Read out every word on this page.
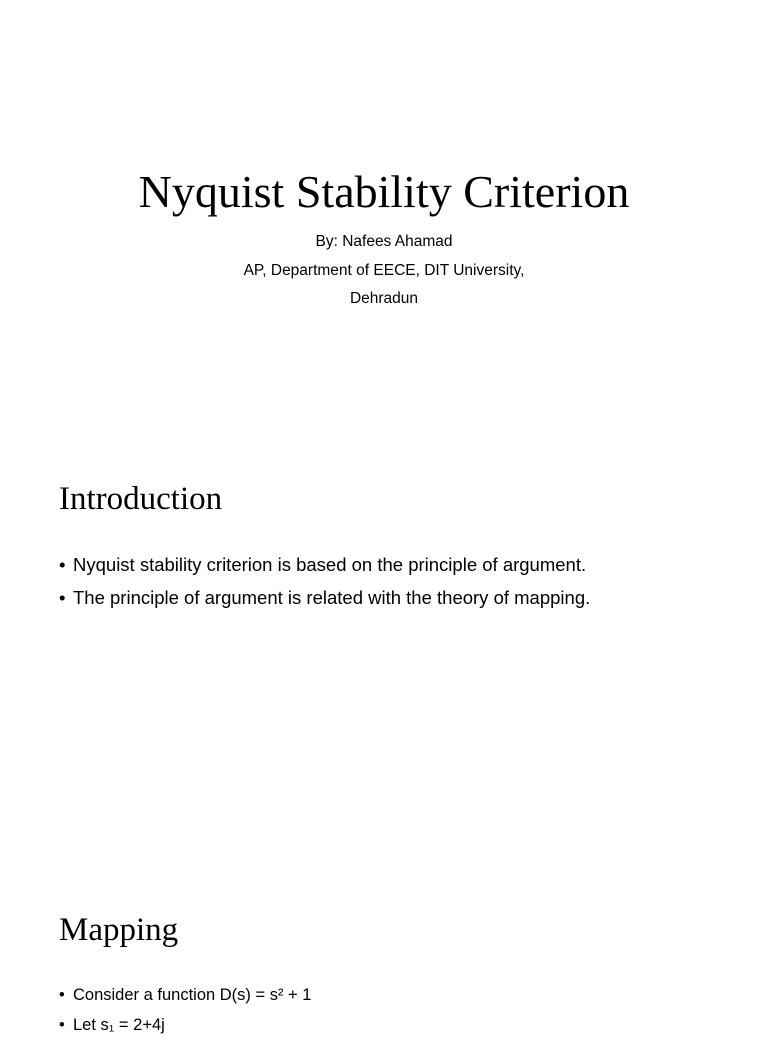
Nyquist Stability Criterion
By: Nafees Ahamad
AP, Department of EECE, DIT University,
Dehradun
Introduction
• Nyquist stability criterion is based on the principle of argument.
• The principle of argument is related with the theory of mapping.
Mapping
• Consider a function D(s) = s² + 1
• Let s₁ = 2+4j
